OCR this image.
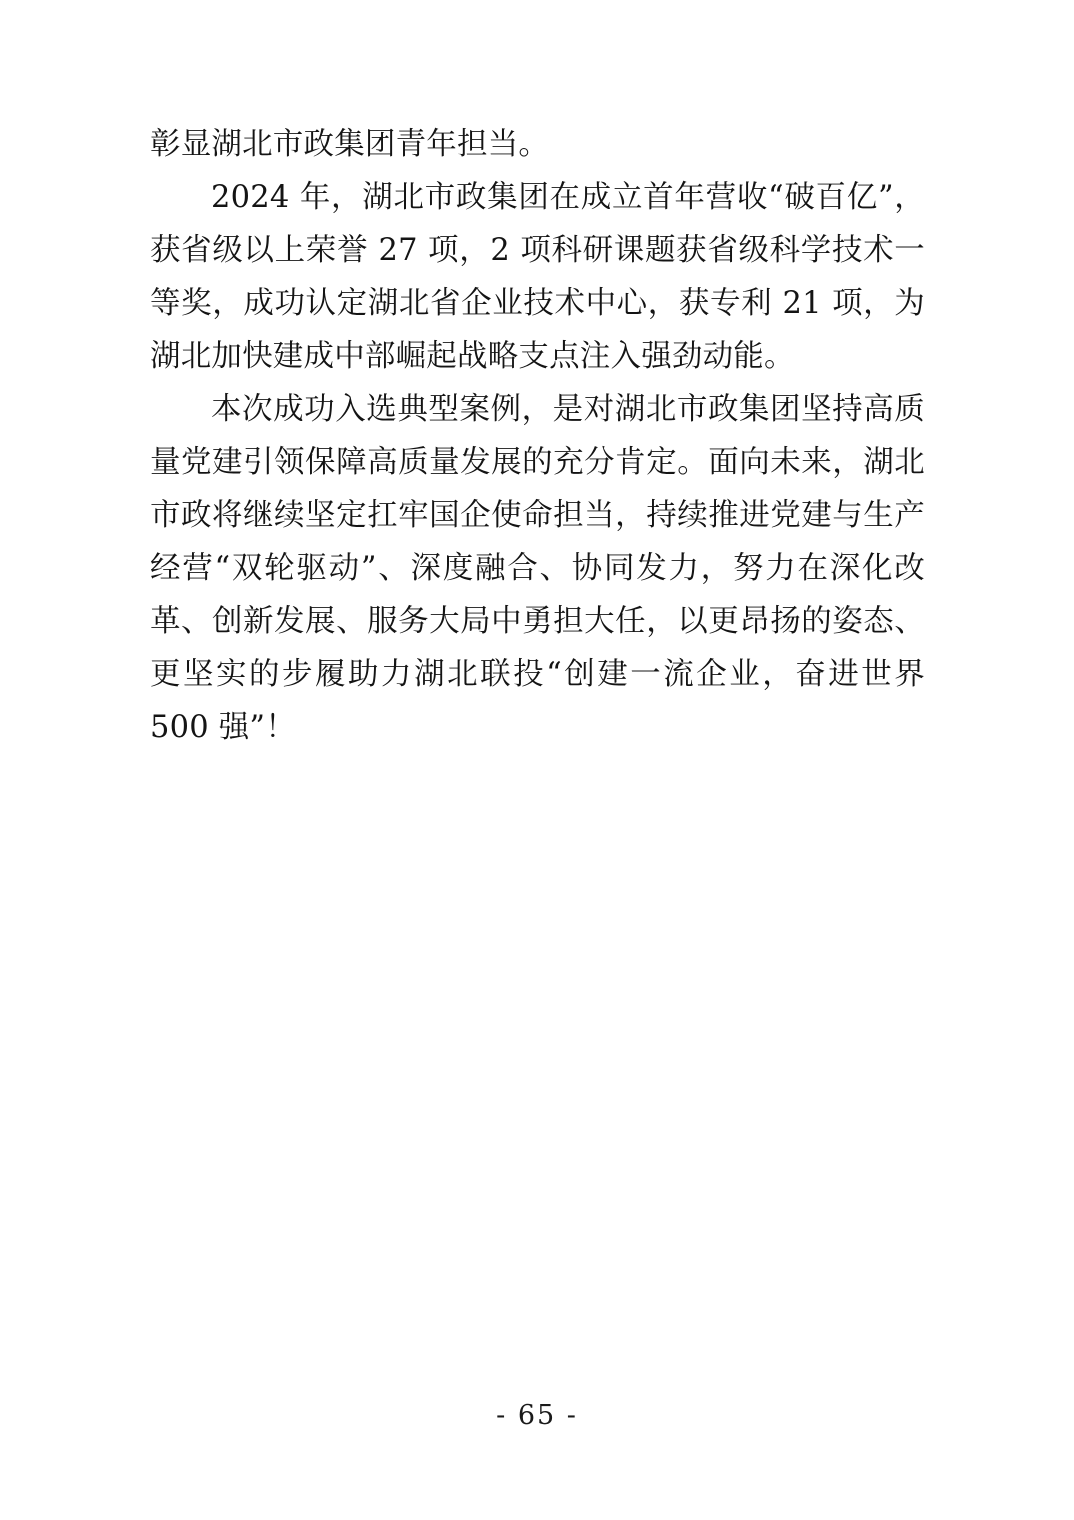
彰显湖北市政集团青年担当。

2024 年，湖北市政集团在成立首年营收“破百亿”，获省级以上荣誉 27 项，2 项科研课题获省级科学技术一等奖，成功认定湖北省企业技术中心，获专利 21 项，为湖北加快建成中部崛起战略支点注入强劲动能。

本次成功入选典型案例，是对湖北市政集团坚持高质量党建引领保障高质量发展的充分肯定。面向未来，湖北市政将继续坚定扛牢国企使命担当，持续推进党建与生产经营“双轮驱动”、深度融合、协同发力，努力在深化改革、创新发展、服务大局中勇担大任，以更昂扬的姿态、更坚实的步履助力湖北联投“创建一流企业，奋进世界 500 强”！

- 65 -
